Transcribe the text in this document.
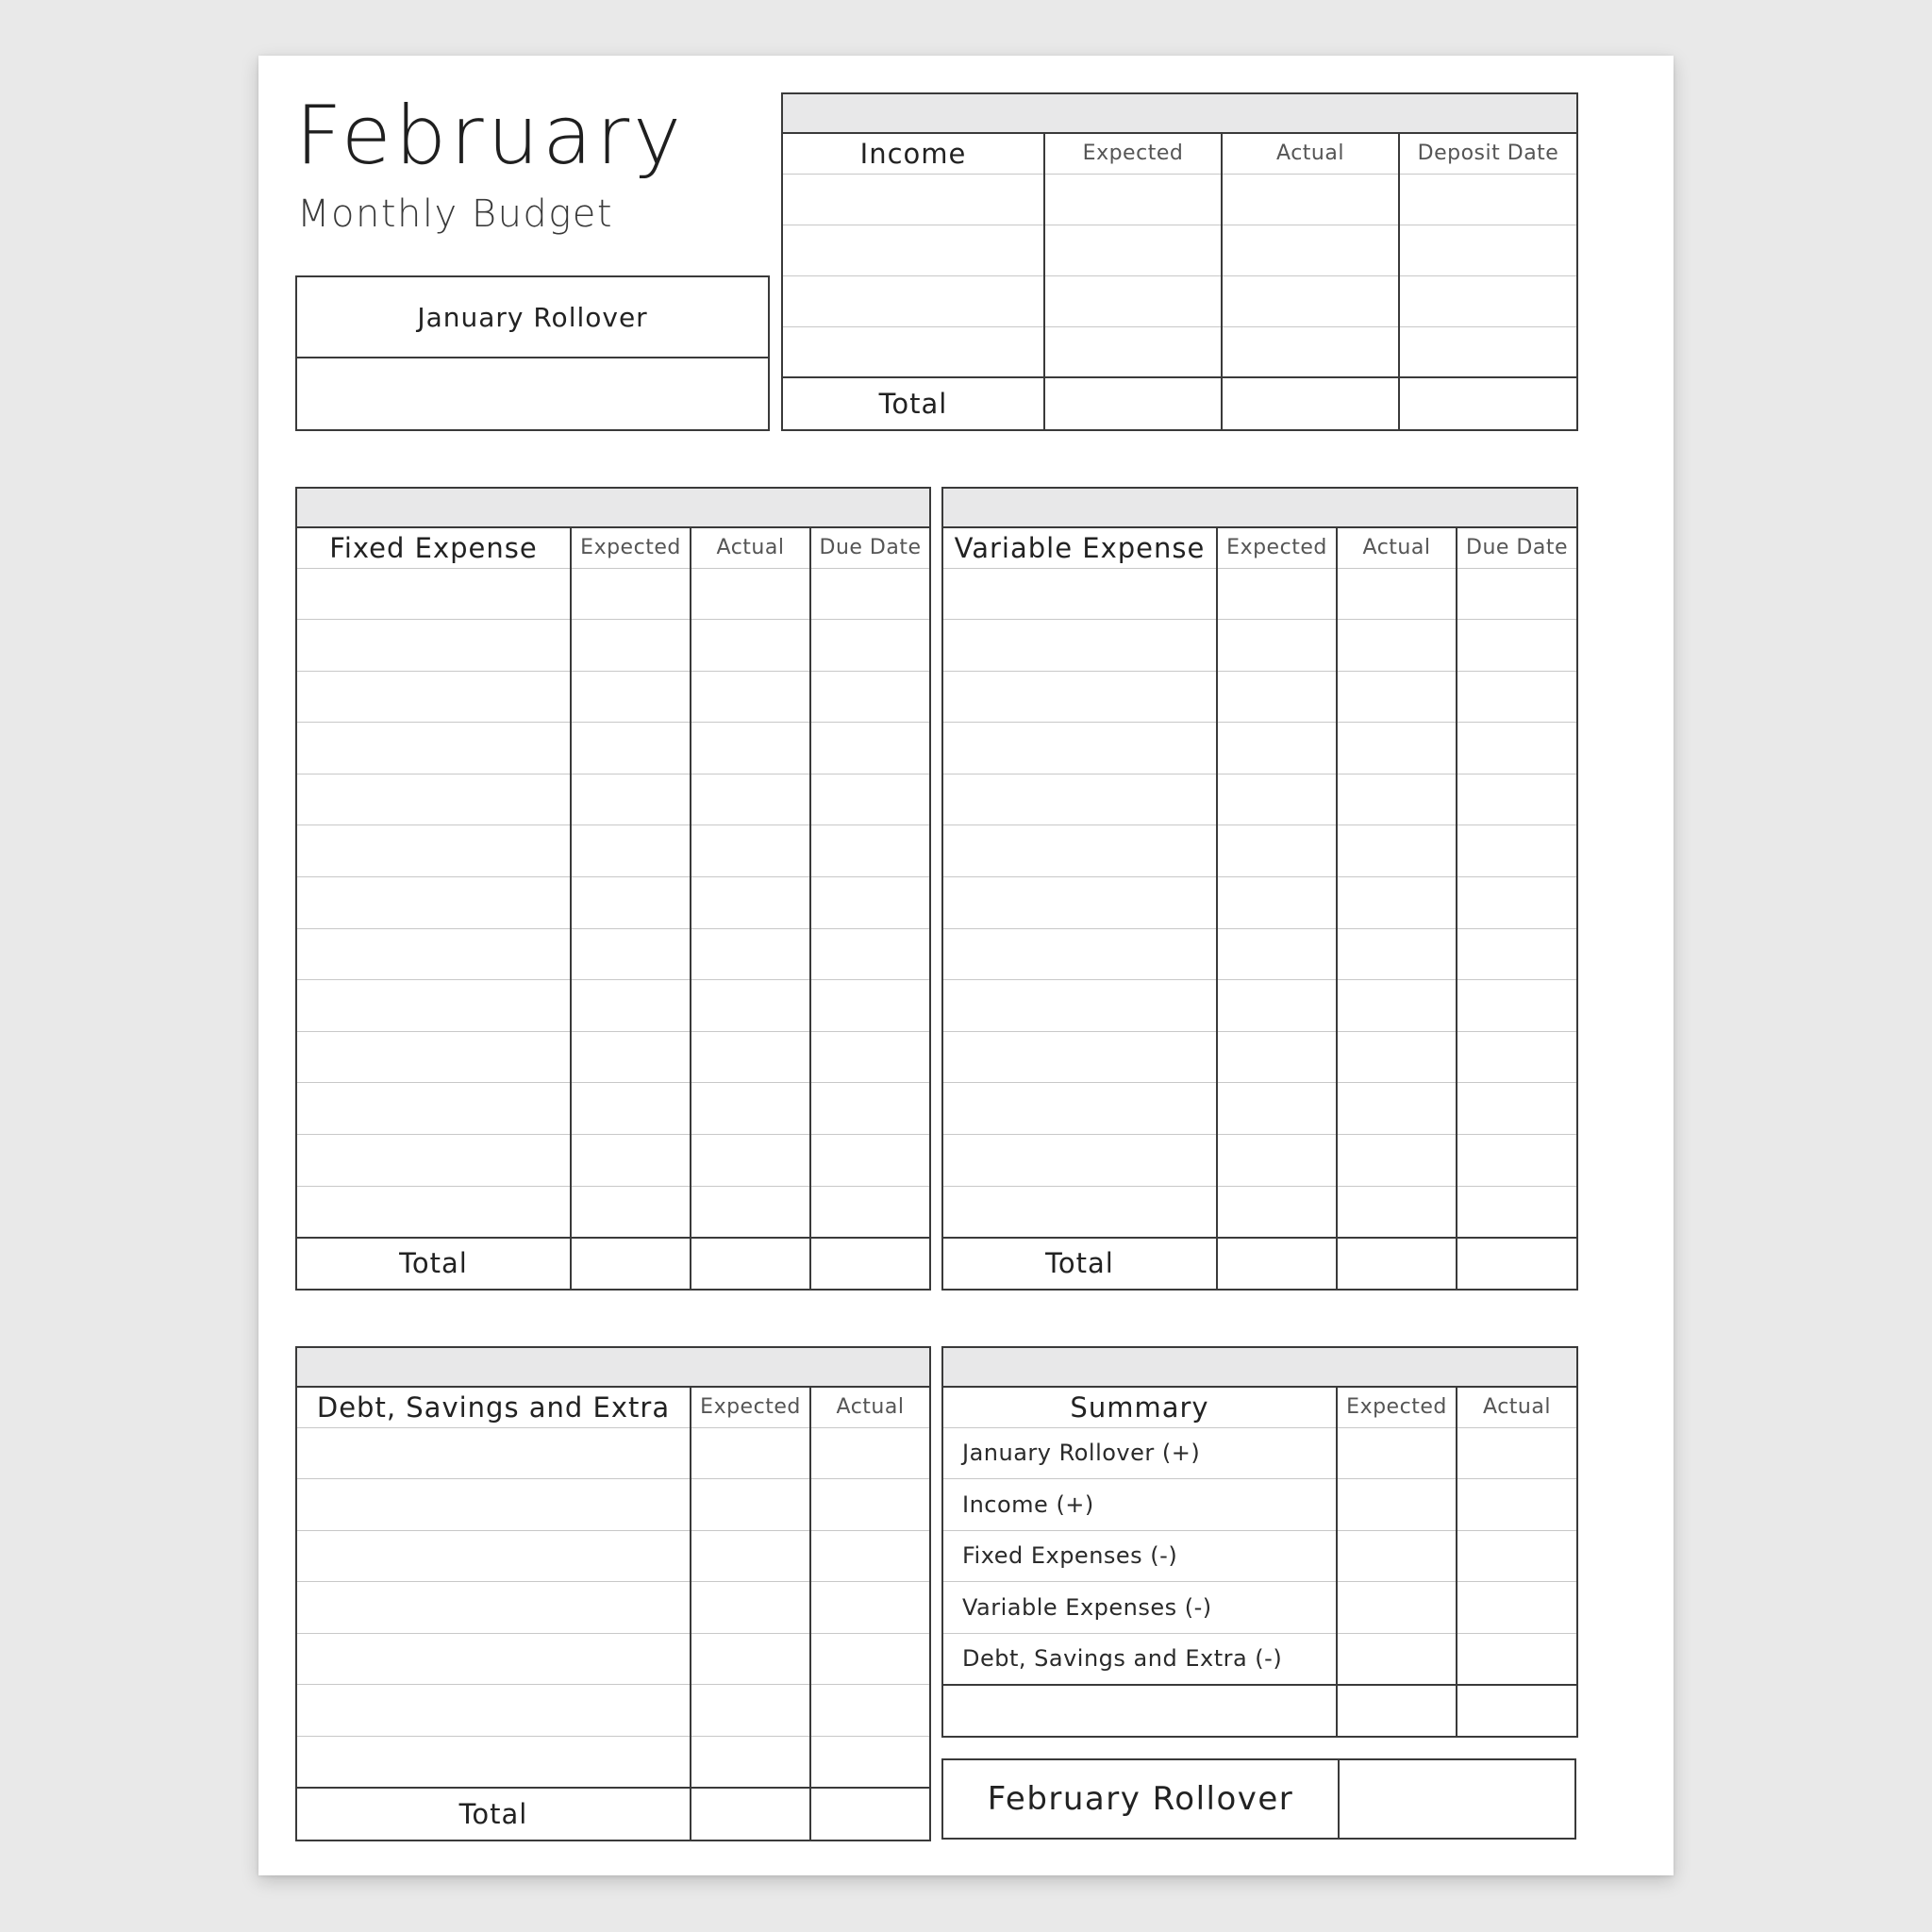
February
Monthly Budget
January Rollover

Income	Expected	Actual	Deposit Date

Total			

Fixed Expense	Expected	Actual	Due Date

Total			

Variable Expense	Expected	Actual	Due Date

Total			

Debt, Savings and Extra	Expected	Actual

Total		

Summary	Expected	Actual
January Rollover (+)		
Income (+)		
Fixed Expenses (-)		
Variable Expenses (-)		
Debt, Savings and Extra (-)		

February Rollover
